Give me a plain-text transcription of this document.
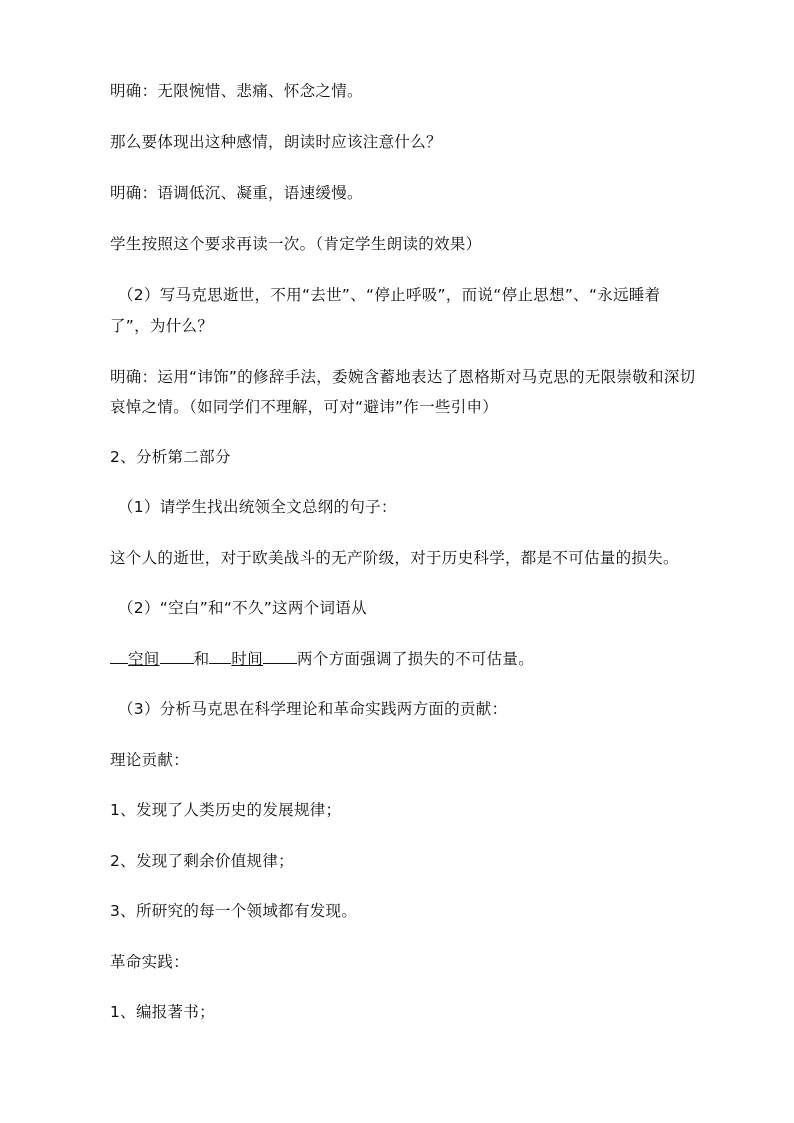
明确：无限惋惜、悲痛、怀念之情。
那么要体现出这种感情，朗读时应该注意什么？
明确：语调低沉、凝重，语速缓慢。
学生按照这个要求再读一次。（肯定学生朗读的效果）
（2）写马克思逝世，不用“去世”、“停止呼吸”，而说“停止思想”、“永远睡着
了”，为什么？
明确：运用“讳饰”的修辞手法，委婉含蓄地表达了恩格斯对马克思的无限崇敬和深切
哀悼之情。（如同学们不理解，可对“避讳”作一些引申）
2、分析第二部分
（1）请学生找出统领全文总纲的句子：
这个人的逝世，对于欧美战斗的无产阶级，对于历史科学，都是不可估量的损失。
（2）“空白”和“不久”这两个词语从
空间 和 时间 两个方面强调了损失的不可估量。
（3）分析马克思在科学理论和革命实践两方面的贡献：
理论贡献：
1、发现了人类历史的发展规律；
2、发现了剩余价值规律；
3、所研究的每一个领域都有发现。
革命实践：
1、编报著书；
